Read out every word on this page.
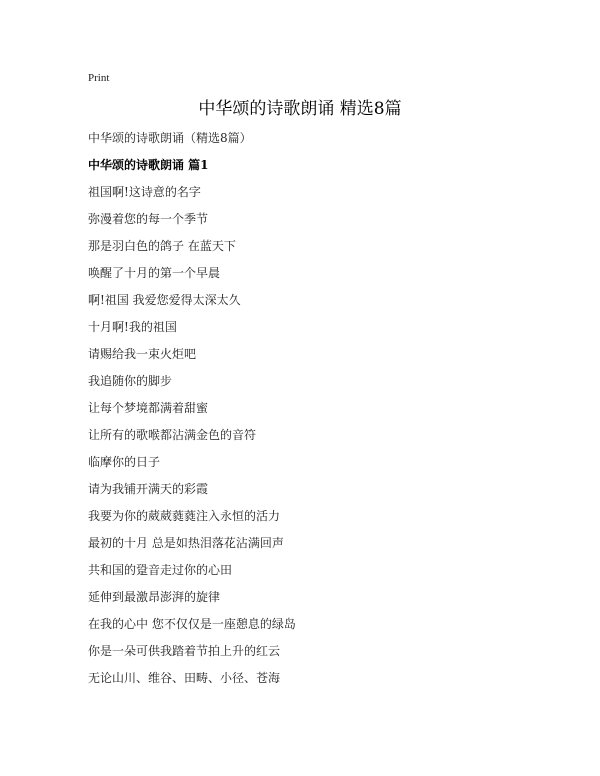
Print
中华颂的诗歌朗诵 精选8篇
中华颂的诗歌朗诵（精选8篇）
中华颂的诗歌朗诵 篇1
祖国啊!这诗意的名字
弥漫着您的每一个季节
那是羽白色的鸽子 在蓝天下
唤醒了十月的第一个早晨
啊!祖国 我爱您爱得太深太久
十月啊!我的祖国
请赐给我一束火炬吧
我追随你的脚步
让每个梦境都满着甜蜜
让所有的歌喉都沾满金色的音符
临摩你的日子
请为我铺开满天的彩霞
我要为你的葳葳蕤蕤注入永恒的活力
最初的十月 总是如热泪落花沾满回声
共和国的跫音走过你的心田
延伸到最激昂澎湃的旋律
在我的心中 您不仅仅是一座憩息的绿岛
你是一朵可供我踏着节拍上升的红云
无论山川、维谷、田畴、小径、苍海
